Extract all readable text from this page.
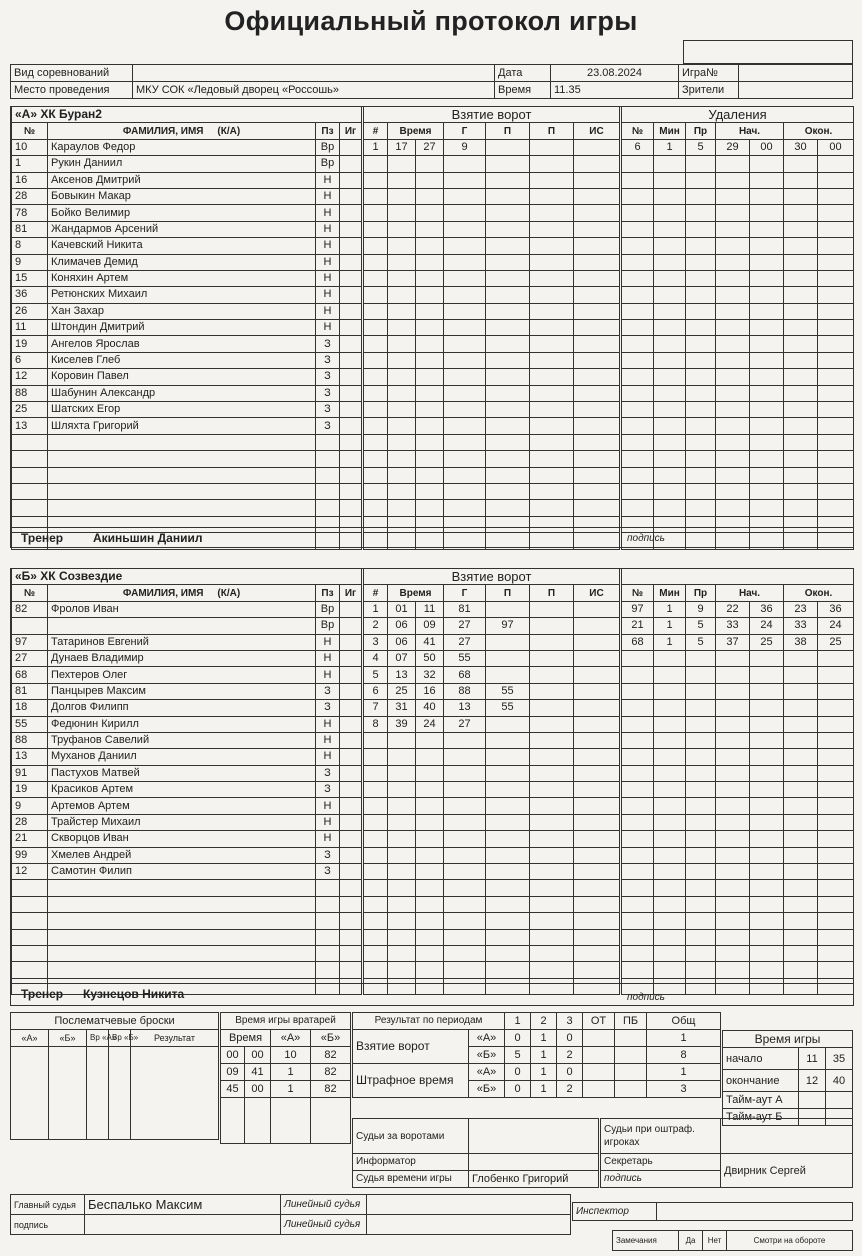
Официальный протокол игры
Вид соревнований		Дата	23.08.2024	Игра№	
Место проведения	МКУ СОК «Ледовый дворец «Россошь»	Время	11.35	Зрители	
«А» ХК Буран2			
№	ФАМИЛИЯ, ИМЯ (К/А)	Пз	Иг
10	Караулов Федор	Вр	
1	Рукин Даниил	Вр	
16	Аксенов Дмитрий	Н	
28	Бовыкин Макар	Н	
78	Бойко Велимир	Н	
81	Жандармов Арсений	Н	
8	Качевский Никита	Н	
9	Климачев Демид	Н	
15	Коняхин Артем	Н	
36	Ретюнских Михаил	Н	
26	Хан Захар	Н	
11	Штондин Дмитрий	Н	
19	Ангелов Ярослав	З	
6	Киселев Глеб	З	
12	Коровин Павел	З	
88	Шабунин Александр	З	
25	Шатских Егор	З	
13	Шляхта Григорий	З	

Взятие ворот						
#	Время		Г	П	П	ИС
1	17	27	9			

Удаления						
№	Мин	Пр	Нач.		Окон.	
6	1	5	29	00	30	00

Тренер Акиньшин Даниил	подпись
«Б» ХК Созвездие			
№	ФАМИЛИЯ, ИМЯ (К/А)	Пз	Иг
82	Фролов Иван	Вр	
		Вр	
97	Татаринов Евгений	Н	
27	Дунаев Владимир	Н	
68	Пехтеров Олег	Н	
81	Панцырев Максим	З	
18	Долгов Филипп	З	
55	Федюнин Кирилл	Н	
88	Труфанов Савелий	Н	
13	Муханов Даниил	Н	
91	Пастухов Матвей	З	
19	Красиков Артем	З	
9	Артемов Артем	Н	
28	Трайстер Михаил	Н	
21	Скворцов Иван	Н	
99	Хмелев Андрей	З	
12	Самотин Филип	З	

Взятие ворот						
#	Время		Г	П	П	ИС
1	01	11	81			
2	06	09	27	97		
3	06	41	27			
4	07	50	55			
5	13	32	68			
6	25	16	88	55		
7	31	40	13	55		
8	39	24	27			

№	Мин	Пр	Нач.		Окон.	
97	1	9	22	36	23	36
21	1	5	33	24	33	24
68	1	5	37	25	38	25

Тренер Кузнецов Никита	подпись
Послематчевые броски				
«А»	«Б»	Вр «А»	Вр «Б»	Результат

Время игры вратарей			
Время		«А»	«Б»
00	00	10	82
09	41	1	82
45	00	1	82

Результат по периодам		1	2	3	ОТ	ПБ	Общ
Взятие ворот	«А»	0	1	0			1
	«Б»	5	1	2			8
Штрафное время	«А»	0	1	0			1
	«Б»	0	1	2			3
Время игры		
начало	11	35
окончание	12	40
Тайм-аут А		
Тайм-аут Б		
Судьи за воротами	
Информатор	
Судья времени игры	Глобенко Григорий
Судьи при оштраф. игроках	
Секретарь	Двирник Сергей
подпись	
Главный судья	Беспалько Максим	Линейный судья	
подпись		Линейный судья	
Инспектор	
Замечания	Да	Нет	Смотри на обороте
